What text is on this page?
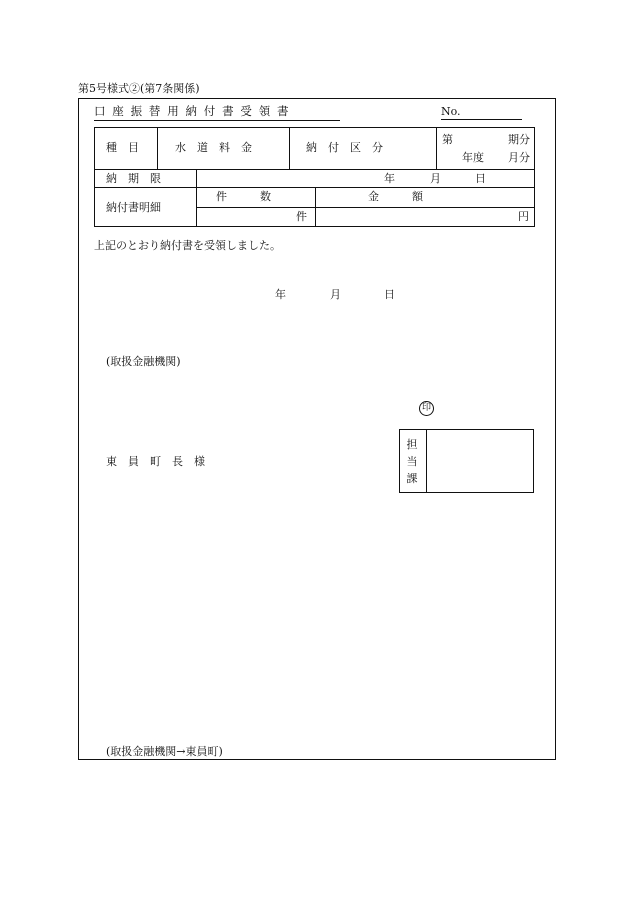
第5号様式②(第7条関係)
口座振替用納付書受領書	No.
種　目	水　道　料　金	納　付　区　分
第	期分
年度 月分
納　期　限	年	月	日
納付書明細
件　　　数	金　　　額
件	円
上記のとおり納付書を受領しました。
年	月	日
(取扱金融機関)
印
東　員　町　長　様
担当課
(取扱金融機関→東員町)
